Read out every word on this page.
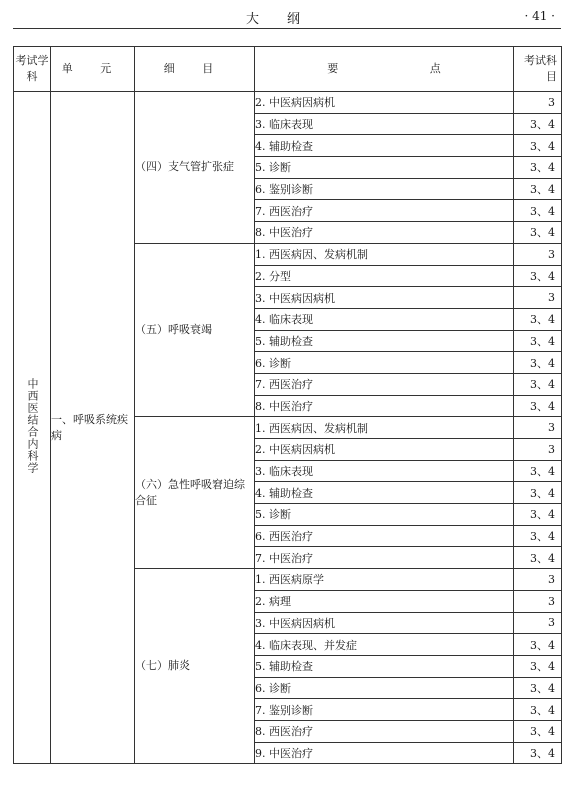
大纲	· 41 ·
考试学科	单 元	细 目	要 点	考试科目
中西医结合内科学	一、呼吸系统疾病	（四）支气管扩张症	2. 中医病因病机	3
			3. 临床表现	3、4
			4. 辅助检查	3、4
			5. 诊断	3、4
			6. 鉴别诊断	3、4
			7. 西医治疗	3、4
			8. 中医治疗	3、4
		（五）呼吸衰竭	1. 西医病因、发病机制	3
			2. 分型	3、4
			3. 中医病因病机	3
			4. 临床表现	3、4
			5. 辅助检查	3、4
			6. 诊断	3、4
			7. 西医治疗	3、4
			8. 中医治疗	3、4
		（六）急性呼吸窘迫综合征	1. 西医病因、发病机制	3
			2. 中医病因病机	3
			3. 临床表现	3、4
			4. 辅助检查	3、4
			5. 诊断	3、4
			6. 西医治疗	3、4
			7. 中医治疗	3、4
		（七）肺炎	1. 西医病原学	3
			2. 病理	3
			3. 中医病因病机	3
			4. 临床表现、并发症	3、4
			5. 辅助检查	3、4
			6. 诊断	3、4
			7. 鉴别诊断	3、4
			8. 西医治疗	3、4
			9. 中医治疗	3、4
